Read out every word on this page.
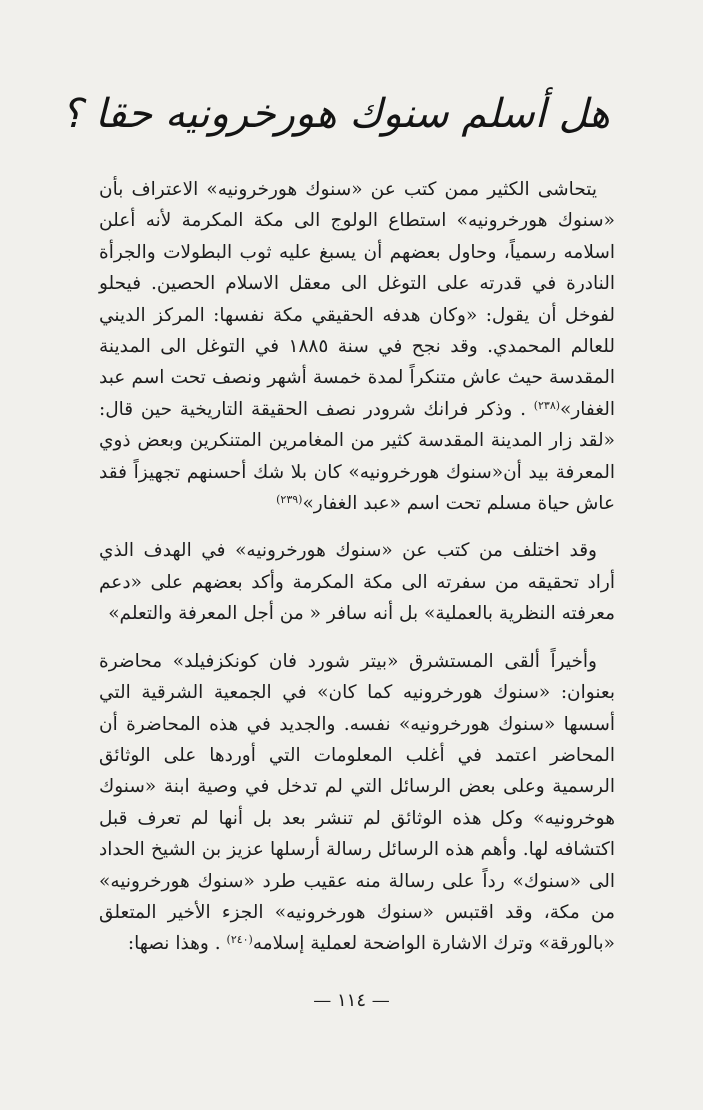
هل أسلم سنوك هورخرونيه حقا ؟

يتحاشى الكثير ممن كتب عن «سنوك هورخرونيه» الاعتراف بأن «سنوك هورخرونيه» استطاع الولوج الى مكة المكرمة لأنه أعلن اسلامه رسمياً، وحاول بعضهم أن يسبغ عليه ثوب البطولات والجرأة النادرة في قدرته على التوغل الى معقل الاسلام الحصين. فيحلو لفوخل أن يقول: «وكان هدفه الحقيقي مكة نفسها: المركز الديني للعالم المحمدي. وقد نجح في سنة ١٨٨٥ في التوغل الى المدينة المقدسة حيث عاش متنكراً لمدة خمسة أشهر ونصف تحت اسم عبد الغفار»$^{(٢٣٨)}$ . وذكر فرانك شرودر نصف الحقيقة التاريخية حين قال: «لقد زار المدينة المقدسة كثير من المغامرين المتنكرين وبعض ذوي المعرفة بيد أن«سنوك هورخرونيه» كان بلا شك أحسنهم تجهيزاً فقد عاش حياة مسلم تحت اسم «عبد الغفار»$^{(٢٣٩)}$

وقد اختلف من كتب عن «سنوك هورخرونيه» في الهدف الذي أراد تحقيقه من سفرته الى مكة المكرمة وأكد بعضهم على «دعم معرفته النظرية بالعملية» بل أنه سافر « من أجل المعرفة والتعلم»

وأخيراً ألقى المستشرق «بيتر شورد فان كونكزفيلد» محاضرة بعنوان: «سنوك هورخرونيه كما كان» في الجمعية الشرقية التي أسسها «سنوك هورخرونيه» نفسه. والجديد في هذه المحاضرة أن المحاضر اعتمد في أغلب المعلومات التي أوردها على الوثائق الرسمية وعلى بعض الرسائل التي لم تدخل في وصية ابنة «سنوك هوخرونيه» وكل هذه الوثائق لم تنشر بعد بل أنها لم تعرف قبل اكتشافه لها. وأهم هذه الرسائل رسالة أرسلها عزيز بن الشيخ الحداد الى «سنوك» رداً على رسالة منه عقيب طرد «سنوك هورخرونيه» من مكة، وقد اقتبس «سنوك هورخرونيه» الجزء الأخير المتعلق «بالورقة» وترك الاشارة الواضحة لعملية إسلامه$^{(٢٤٠)}$ . وهذا نصها:

— ١١٤ —
